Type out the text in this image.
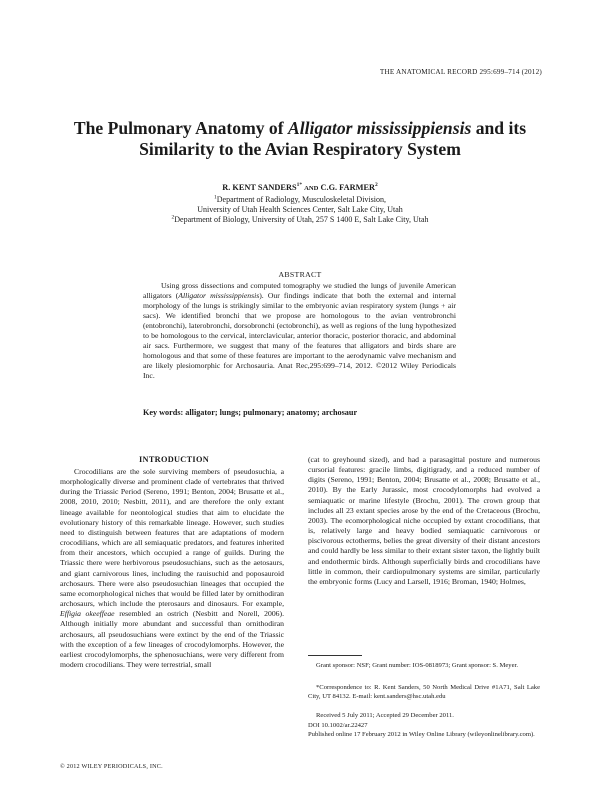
THE ANATOMICAL RECORD 295:699–714 (2012)
The Pulmonary Anatomy of Alligator mississippiensis and its Similarity to the Avian Respiratory System
R. KENT $SANDERS^{1*}$ AND C.G. FARMER$^2$
$^1$Department of Radiology, Musculoskeletal Division,
University of Utah Health Sciences Center, Salt Lake City, Utah
$^2$Department of Biology, University of Utah, 257 S 1400 E, Salt Lake City, Utah
ABSTRACT
Using gross dissections and computed tomography we studied the lungs of juvenile American alligators (Alligator mississippiensis). Our findings indicate that both the external and internal morphology of the lungs is strikingly similar to the embryonic avian respiratory system (lungs + air sacs). We identified bronchi that we propose are homologous to the avian ventrobronchi (entobronchi), laterobronchi, dorsobronchi (ectobronchi), as well as regions of the lung hypothesized to be homologous to the cervical, interclavicular, anterior thoracic, posterior thoracic, and abdominal air sacs. Furthermore, we suggest that many of the features that alligators and birds share are homologous and that some of these features are important to the aerodynamic valve mechanism and are likely plesiomorphic for Archosauria. Anat Rec,295:699–714, 2012. ©2012 Wiley Periodicals Inc.
Key words: alligator; lungs; pulmonary; anatomy; archosaur
INTRODUCTION
Crocodilians are the sole surviving members of pseudosuchia, a morphologically diverse and prominent clade of vertebrates that thrived during the Triassic Period (Sereno, 1991; Benton, 2004; Brusatte et al., 2008, 2010, 2010; Nesbitt, 2011), and are therefore the only extant lineage available for neontological studies that aim to elucidate the evolutionary history of this remarkable lineage. However, such studies need to distinguish between features that are adaptations of modern crocodilians, which are all semiaquatic predators, and features inherited from their ancestors, which occupied a range of guilds. During the Triassic there were herbivorous pseudosuchians, such as the aetosaurs, and giant carnivorous lines, including the rauisuchid and poposauroid archosaurs. There were also pseudosuchian lineages that occupied the same ecomorphological niches that would be filled later by ornithodiran archosaurs, which include the pterosaurs and dinosaurs. For example, Effigia okeeffeae resembled an ostrich (Nesbitt and Norell, 2006). Although initially more abundant and successful than ornithodiran archosaurs, all pseudosuchians were extinct by the end of the Triassic with the exception of a few lineages of crocodylomorphs. However, the earliest crocodylomorphs, the sphenosuchians, were very different from modern crocodilians. They were terrestrial, small
(cat to greyhound sized), and had a parasagittal posture and numerous cursorial features: gracile limbs, digitigrady, and a reduced number of digits (Sereno, 1991; Benton, 2004; Brusatte et al., 2008; Brusatte et al., 2010). By the Early Jurassic, most crocodylomorphs had evolved a semiaquatic or marine lifestyle (Brochu, 2001). The crown group that includes all 23 extant species arose by the end of the Cretaceous (Brochu, 2003). The ecomorphological niche occupied by extant crocodilians, that is, relatively large and heavy bodied semiaquatic carnivorous or piscivorous ectotherms, belies the great diversity of their distant ancestors and could hardly be less similar to their extant sister taxon, the lightly built and endothermic birds. Although superficially birds and crocodilians have little in common, their cardiopulmonary systems are similar, particularly the embryonic forms (Lucy and Larsell, 1916; Broman, 1940; Holmes,
Grant sponsor: NSF; Grant number: IOS-0818973; Grant sponsor: S. Meyer.
*Correspondence to: R. Kent Sanders, 50 North Medical Drive #1A71, Salt Lake City, UT 84132. E-mail: kent.sanders@hsc.utah.edu
Received 5 July 2011; Accepted 29 December 2011.
DOI 10.1002/ar.22427
Published online 17 February 2012 in Wiley Online Library (wileyonlinelibrary.com).
© 2012 WILEY PERIODICALS, INC.
